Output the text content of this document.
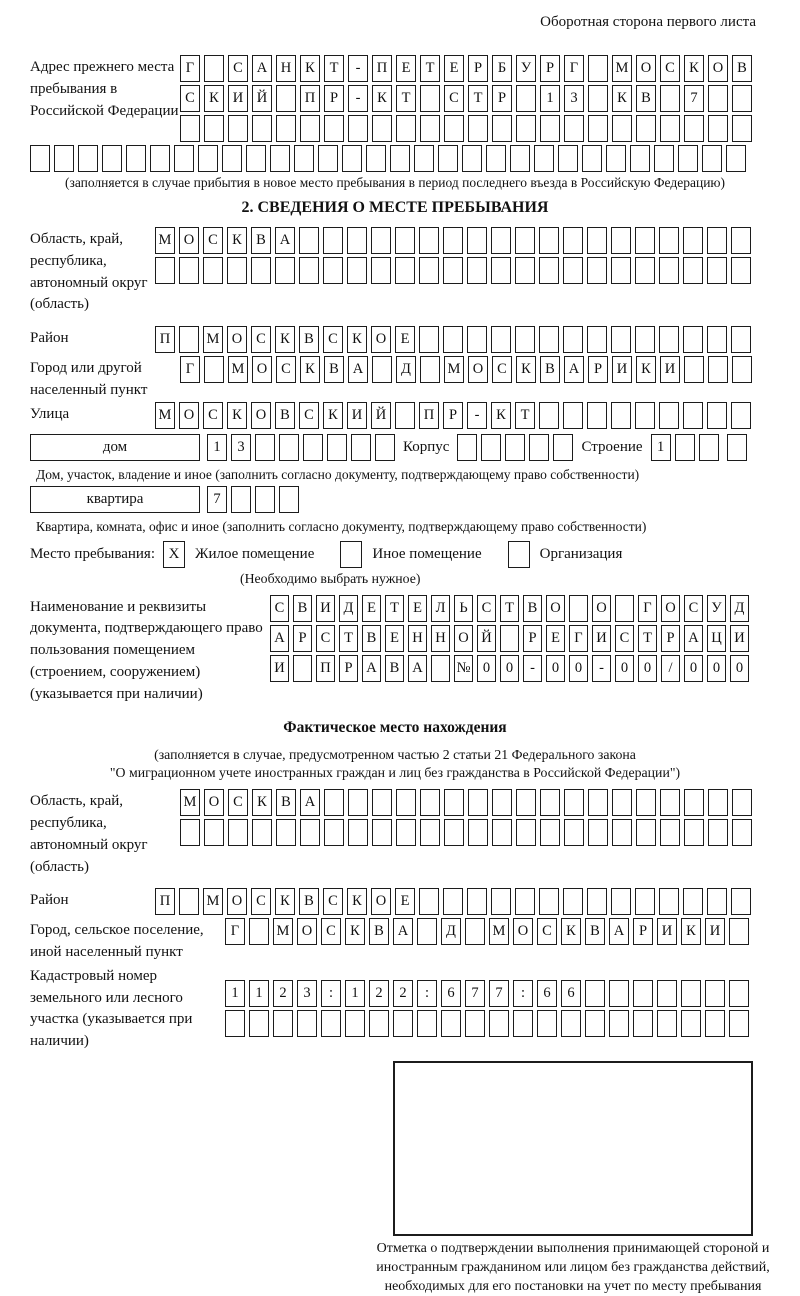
Оборотная сторона первого листа
Адрес прежнего места пребывания в Российской Федерации
Г	С А Н К Т - П Е Т Е Р Б У Р Г	М О С К О В
С К И Й	П Р - К Т	С Т Р	1 3	К В	7
(заполняется в случае прибытия в новое место пребывания в период последнего въезда в Российскую Федерацию)
2. СВЕДЕНИЯ О МЕСТЕ ПРЕБЫВАНИЯ
Область, край, республика, автономный округ (область)
М О С К В А
Район	П	М О С К В С К О Е
Город или другой населенный пункт
Г	М О С К В А	Д	М О С К В А Р И К И
Улица	М О С К О В С К И Й	П Р - К Т
дом	1 3	Корпус	Строение 1
Дом, участок, владение и иное (заполнить согласно документу, подтверждающему право собственности)
квартира	7
Квартира, комната, офис и иное (заполнить согласно документу, подтверждающему право собственности)
Место пребывания: X	Жилое помещение	Иное помещение	Организация
(Необходимо выбрать нужное)
Наименование и реквизиты документа, подтверждающего право пользования помещением (строением, сооружением) (указывается при наличии)
С В И Д Е Т Е Л Ь С Т В О О	Г О С У Д
А Р С Т В Е Н Н О Й	Р Е Г И С Т Р А Ц И
И П Р А В А № 0 0 - 0 0 - 0 0 / 0 0 0
Фактическое место нахождения
(заполняется в случае, предусмотренном частью 2 статьи 21 Федерального закона
"О миграционном учете иностранных граждан и лиц без гражданства в Российской Федерации")
Область, край, республика, автономный округ (область)
М О С К В А
Район	П	М О С К В С К О Е
Город, сельское поселение, иной населенный пункт
Г	М О С К В А	Д	М О С К В А Р И К И
Кадастровый номер земельного или лесного участка (указывается при наличии)
1 1 2 3 : 1 2 2 : 6 7 7 : 6 6
Отметка о подтверждении выполнения принимающей стороной и иностранным гражданином или лицом без гражданства действий, необходимых для его постановки на учет по месту пребывания
